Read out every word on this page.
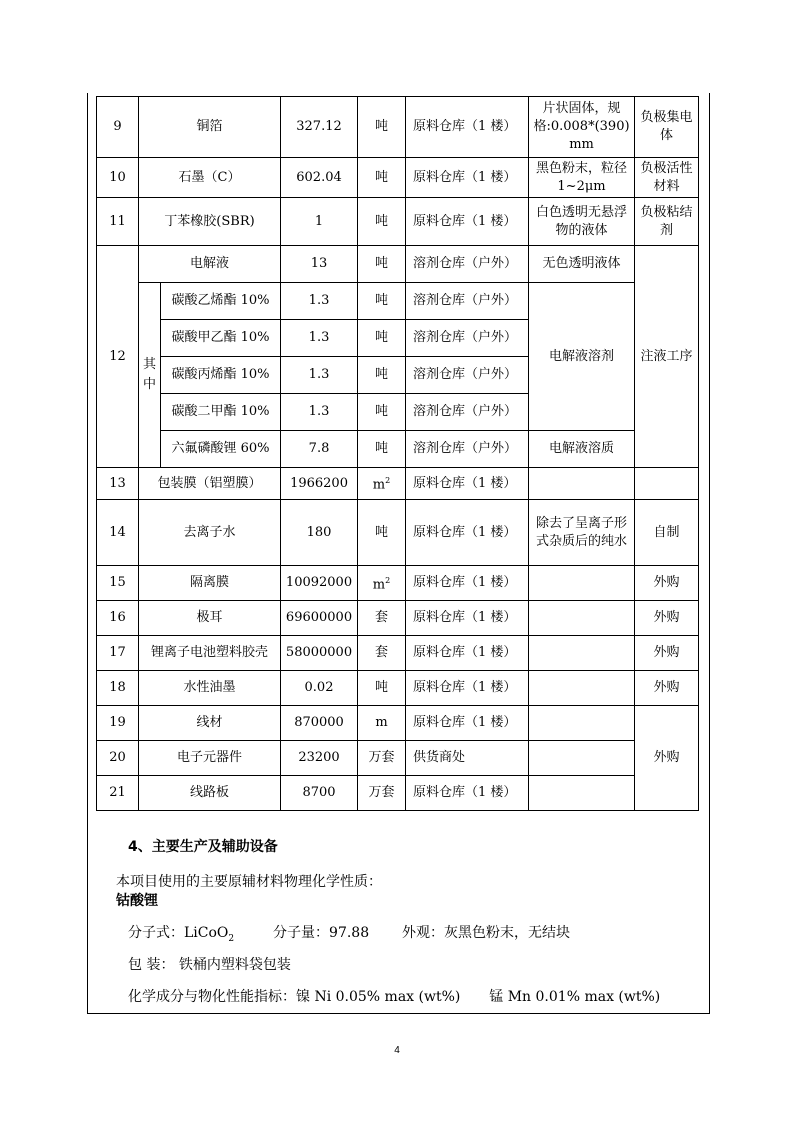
9	铜箔		327.12	吨	原料仓库（1 楼）	片状固体，规格:0.008*(390) mm	负极集电体
10	石墨（C）		602.04	吨	原料仓库（1 楼）	黑色粉末，粒径 1~2μm	负极活性材料
11	丁苯橡胶(SBR)		1	吨	原料仓库（1 楼）	白色透明无悬浮物的液体	负极粘结剂
12	电解液		13	吨	溶剂仓库（户外）	无色透明液体	注液工序
	其中	碳酸乙烯酯 10%	1.3	吨	溶剂仓库（户外）	电解液溶剂	
		碳酸甲乙酯 10%	1.3	吨	溶剂仓库（户外）		
		碳酸丙烯酯 10%	1.3	吨	溶剂仓库（户外）		
		碳酸二甲酯 10%	1.3	吨	溶剂仓库（户外）		
		六氟磷酸锂 60%	7.8	吨	溶剂仓库（户外）	电解液溶质	
13	包装膜（铝塑膜）		1966200	$m^2$	原料仓库（1 楼）		
14	去离子水		180	吨	原料仓库（1 楼）	除去了呈离子形式杂质后的纯水	自制
15	隔离膜		10092000	$m^2$	原料仓库（1 楼）		外购
16	极耳		69600000	套	原料仓库（1 楼）		外购
17	锂离子电池塑料胶壳		58000000	套	原料仓库（1 楼）		外购
18	水性油墨		0.02	吨	原料仓库（1 楼）		外购
19	线材		870000	m	原料仓库（1 楼）		外购
20	电子元器件		23200	万套	供货商处		
21	线路板		8700	万套	原料仓库（1 楼）		
4、主要生产及辅助设备
本项目使用的主要原辅材料物理化学性质：
钴酸锂
分子式：LiCoO$_2$	分子量：97.88 外观：灰黑色粉末，无结块
包 装： 铁桶内塑料袋包装
化学成分与物化性能指标：镍 Ni 0.05% max (wt%) 锰 Mn 0.01% max (wt%)
4
